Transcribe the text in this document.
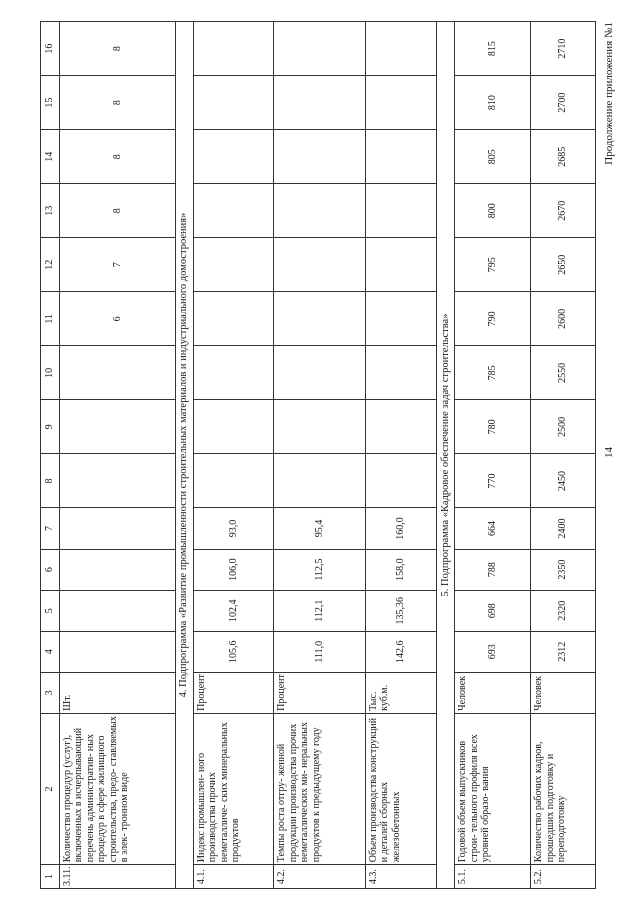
14
Продолжение приложения №1
1	2	3	4	5	6	7	8	9	10	11	12	13	14	15	16
3.11.	Количество процедур (услуг), включенных в исчерпывающий перечень административ- ных процедур в сфере жилищного строительства, предо- ставляемых в элек- тронном виде	Шт.								6	7	8	8	8	8
4. Подпрограмма «Развитие промышленности строительных материалов и индустриального домостроения»															
4.1.	Индекс промышлен- ного производства прочих неметалличе- ских минеральных продуктов	Процент	105,6	102,4	106,0	93,0									
4.2.	Темпы роста отгру- женной продукции производства прочих неметаллических ми- неральных продуктов к предыдущему году	Процент	111,0	112,1	112,5	95,4									
4.3.	Объем производства конструкций и деталей сборных железобетонных	Тыс. куб.м.	142,6	135,36	158,0	160,0									
5. Подпрограмма «Кадровое обеспечение задач строительства»															
5.1.	Годовой объем выпускников строи- тельного профиля всех уровней образо- вания	Человек	693	698	788	664	770	780	785	790	795	800	805	810	815
5.2.	Количество рабочих кадров, прошедших подготовку и переподготовку	Человек	2312	2320	2350	2400	2450	2500	2550	2600	2650	2670	2685	2700	2710
